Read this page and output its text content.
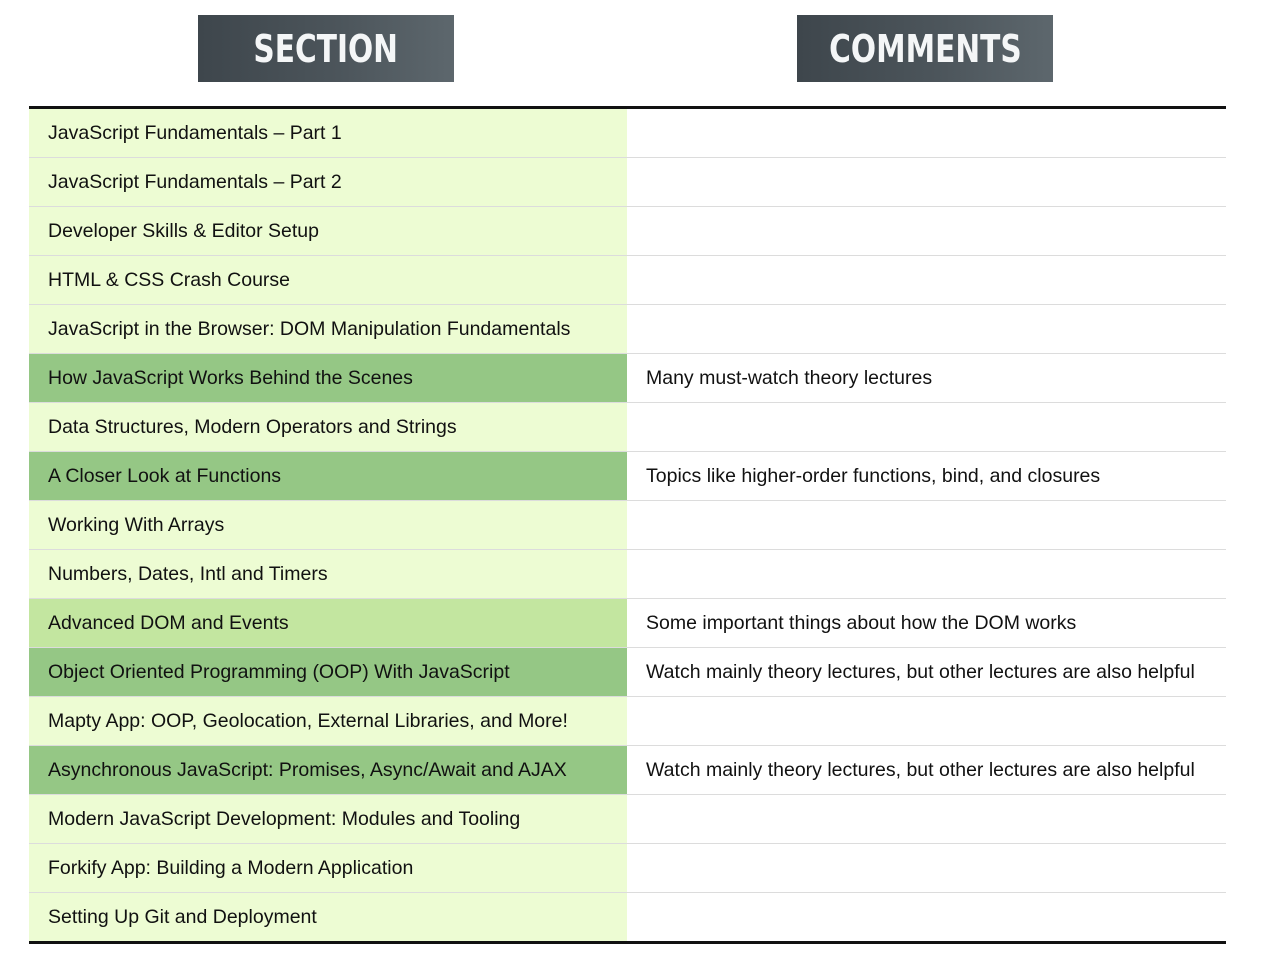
SECTION	COMMENTS
JavaScript Fundamentals – Part 1
JavaScript Fundamentals – Part 2
Developer Skills & Editor Setup
HTML & CSS Crash Course
JavaScript in the Browser: DOM Manipulation Fundamentals
How JavaScript Works Behind the Scenes	Many must-watch theory lectures
Data Structures, Modern Operators and Strings
A Closer Look at Functions	Topics like higher-order functions, bind, and closures
Working With Arrays
Numbers, Dates, Intl and Timers
Advanced DOM and Events	Some important things about how the DOM works
Object Oriented Programming (OOP) With JavaScript	Watch mainly theory lectures, but other lectures are also helpful
Mapty App: OOP, Geolocation, External Libraries, and More!
Asynchronous JavaScript: Promises, Async/Await and AJAX	Watch mainly theory lectures, but other lectures are also helpful
Modern JavaScript Development: Modules and Tooling
Forkify App: Building a Modern Application
Setting Up Git and Deployment
